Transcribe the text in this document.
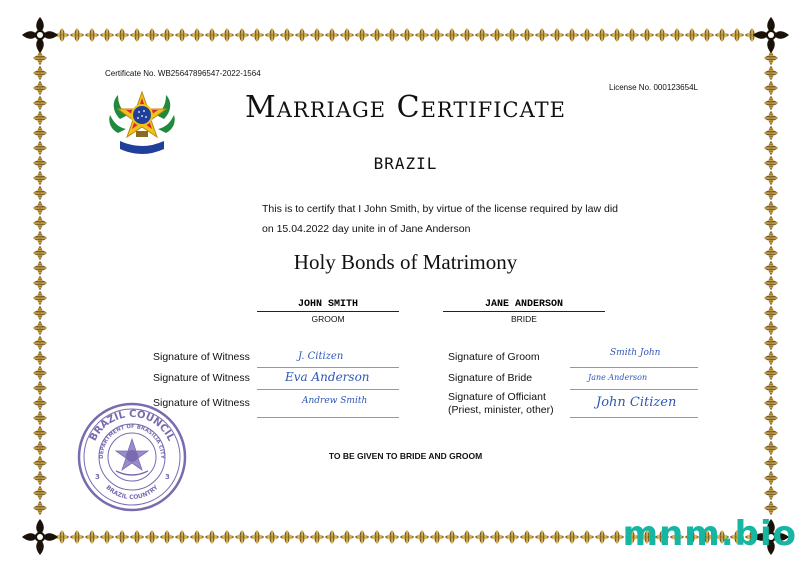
Certificate No. WB25647896547-2022-1564
License No. 000123654L
Marriage Certificate
BRAZIL
This is to certify that I John Smith, by virtue of the license required by law did
on 15.04.2022 day unite in of Jane Anderson
Holy Bonds of Matrimony
JOHN SMITH
GROOM
JANE ANDERSON
BRIDE
Signature of Witness	J. Citizen
Signature of Witness	Eva Anderson
Signature of Witness	Andrew Smith
Signature of Groom	Smith John
Signature of Bride	Jane Anderson
Signature of Officiant
(Priest, minister, other)	John Citizen
BRAZIL COUNCIL
DEPARTMENT OF BRASILIA CITY
BRAZIL COUNTRY
3	3
TO BE GIVEN TO BRIDE AND GROOM
mnm.bio
